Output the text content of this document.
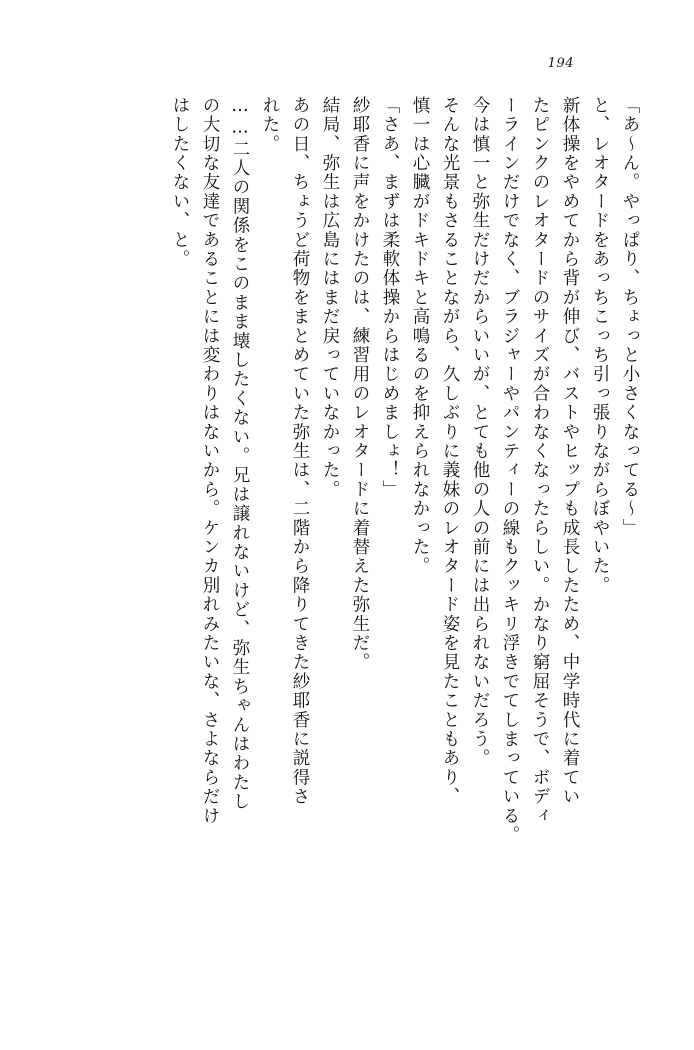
194
「あ～ん。やっぱり、ちょっと小さくなってる～」
と、レオタードをあっちこっち引っ張りながらぼやいた。
新体操をやめてから背が伸び、バストやヒップも成長したため、中学時代に着てい
たピンクのレオタードのサイズが合わなくなったらしい。かなり窮屈そうで、ボディ
ーラインだけでなく、ブラジャーやパンティーの線もクッキリ浮きでてしまっている。
今は慎一と弥生だけだからいいが、とても他の人の前には出られないだろう。
そんな光景もさることながら、久しぶりに義妹のレオタード姿を見たこともあり、
慎一は心臓がドキドキと高鳴るのを抑えられなかった。
「さあ、まずは柔軟体操からはじめましょ！」
紗耶香に声をかけたのは、練習用のレオタードに着替えた弥生だ。
結局、弥生は広島にはまだ戻っていなかった。
あの日、ちょうど荷物をまとめていた弥生は、二階から降りてきた紗耶香に説得さ
れた。
……二人の関係をこのまま壊したくない。兄は譲れないけど、弥生ちゃんはわたし
の大切な友達であることには変わりはないから。ケンカ別れみたいな、さよならだけ
はしたくない、と。
